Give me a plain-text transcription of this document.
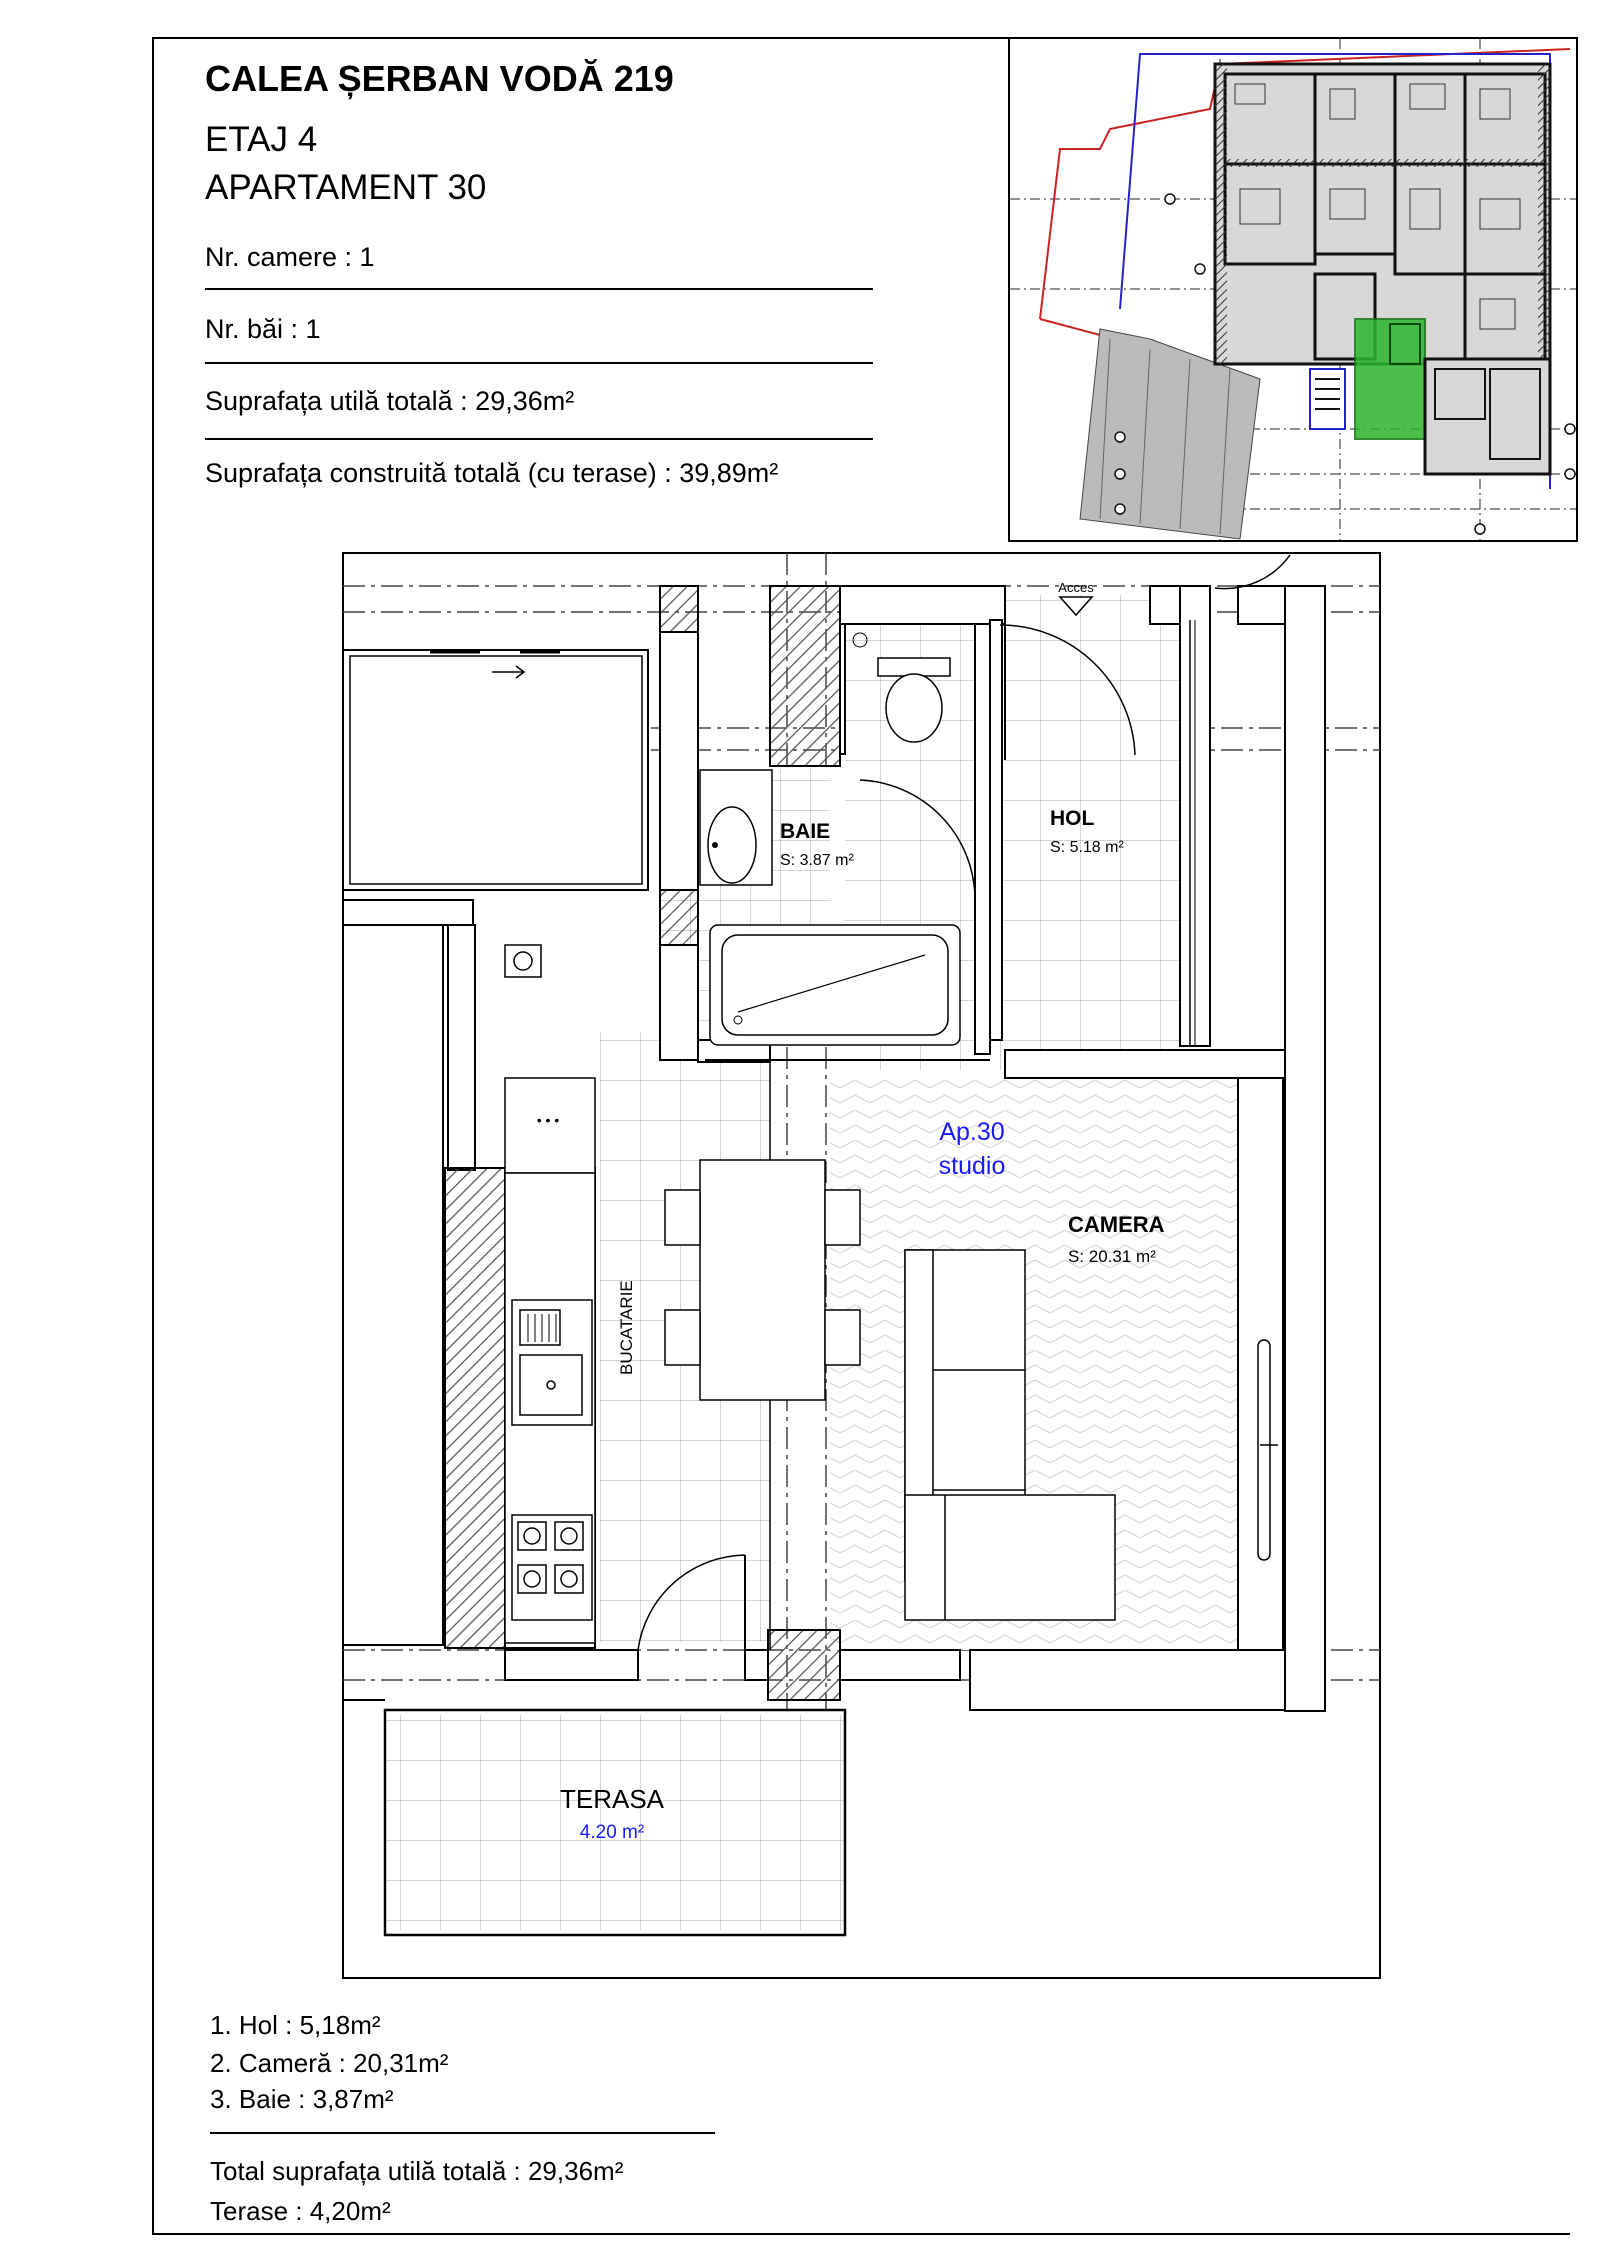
CALEA ȘERBAN VODĂ 219
ETAJ 4
APARTAMENT 30
Nr. camere : 1
Nr. băi : 1
Suprafața utilă totală : 29,36m²
Suprafața construită totală (cu terase) : 39,89m²
Acces
• • •
BAIE
S: 3.87 m²
HOL
S: 5.18 m²
Ap.30
studio
CAMERA
S: 20.31 m²
BUCATARIE
TERASA
4.20 m²
1. Hol : 5,18m²
2. Cameră : 20,31m²
3. Baie : 3,87m²
Total suprafața utilă totală : 29,36m²
Terase : 4,20m²
